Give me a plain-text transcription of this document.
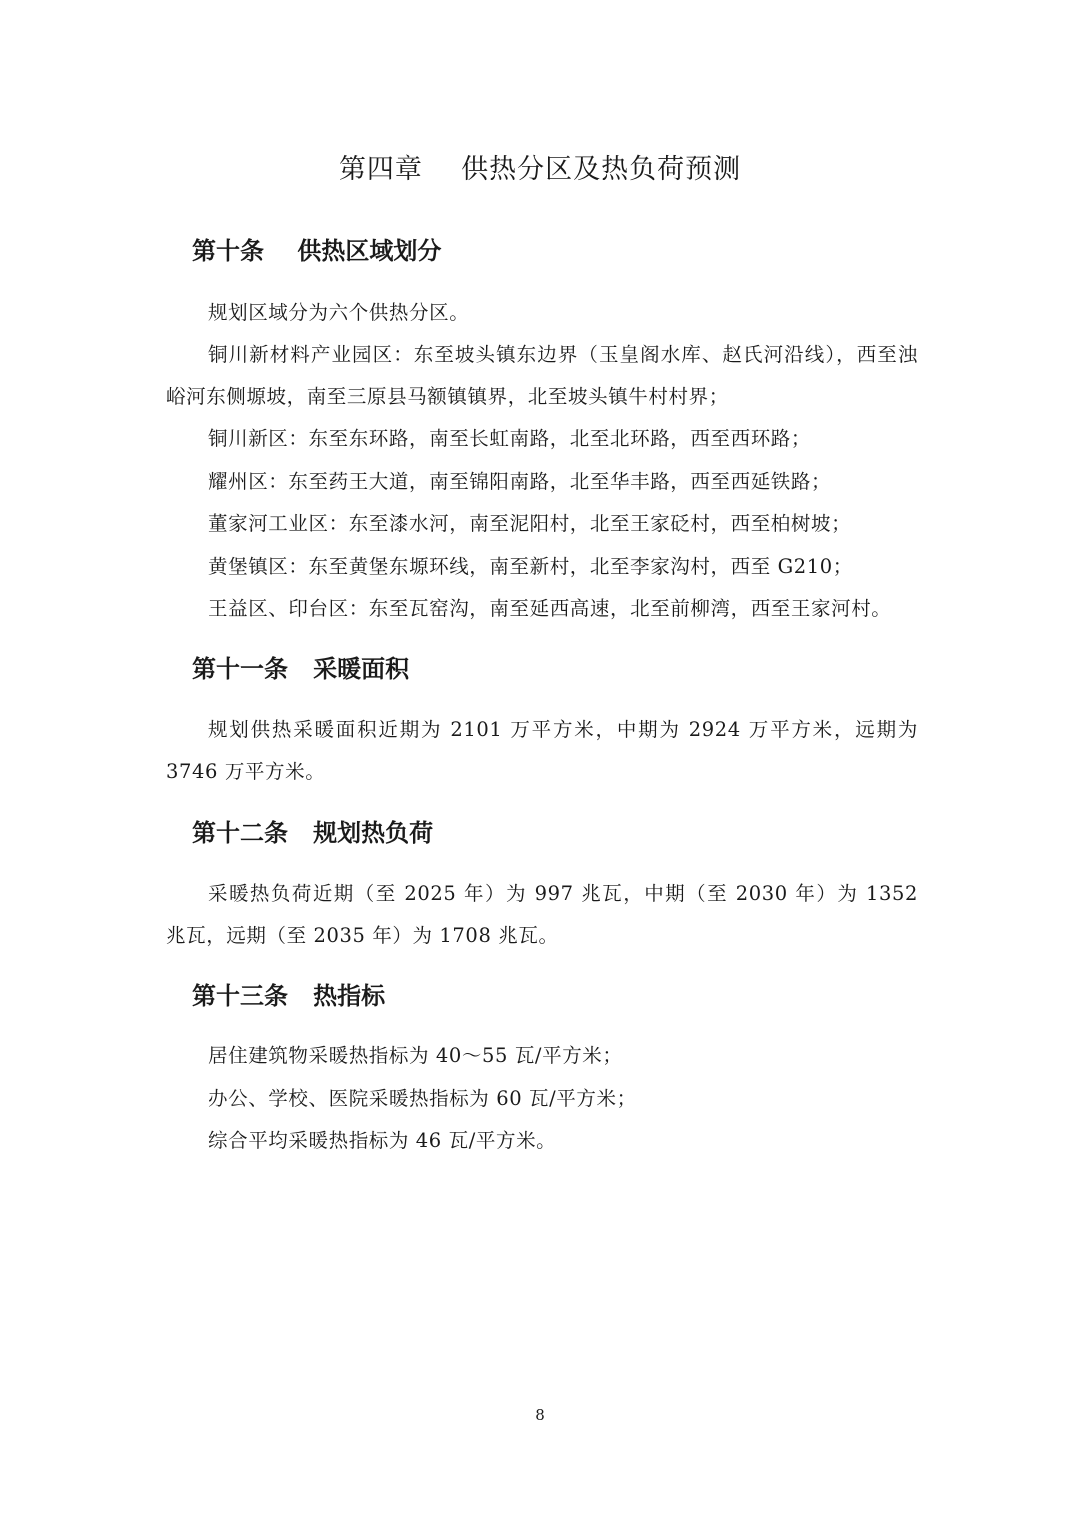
第四章    供热分区及热负荷预测
第十条    供热区域划分
规划区域分为六个供热分区。
铜川新材料产业园区：东至坡头镇东边界（玉皇阁水库、赵氏河沿线），西至浊峪河东侧塬坡，南至三原县马额镇镇界，北至坡头镇牛村村界；
铜川新区：东至东环路，南至长虹南路，北至北环路，西至西环路；
耀州区：东至药王大道，南至锦阳南路，北至华丰路，西至西延铁路；
董家河工业区：东至漆水河，南至泥阳村，北至王家砭村，西至柏树坡；
黄堡镇区：东至黄堡东塬环线，南至新村，北至李家沟村，西至 G210；
王益区、印台区：东至瓦窑沟，南至延西高速，北至前柳湾，西至王家河村。
第十一条   采暖面积
规划供热采暖面积近期为 2101 万平方米，中期为 2924 万平方米，远期为 3746 万平方米。
第十二条   规划热负荷
采暖热负荷近期（至 2025 年）为 997 兆瓦，中期（至 2030 年）为 1352 兆瓦，远期（至 2035 年）为 1708 兆瓦。
第十三条   热指标
居住建筑物采暖热指标为 40～55 瓦/平方米；
办公、学校、医院采暖热指标为 60 瓦/平方米；
综合平均采暖热指标为 46 瓦/平方米。
8
